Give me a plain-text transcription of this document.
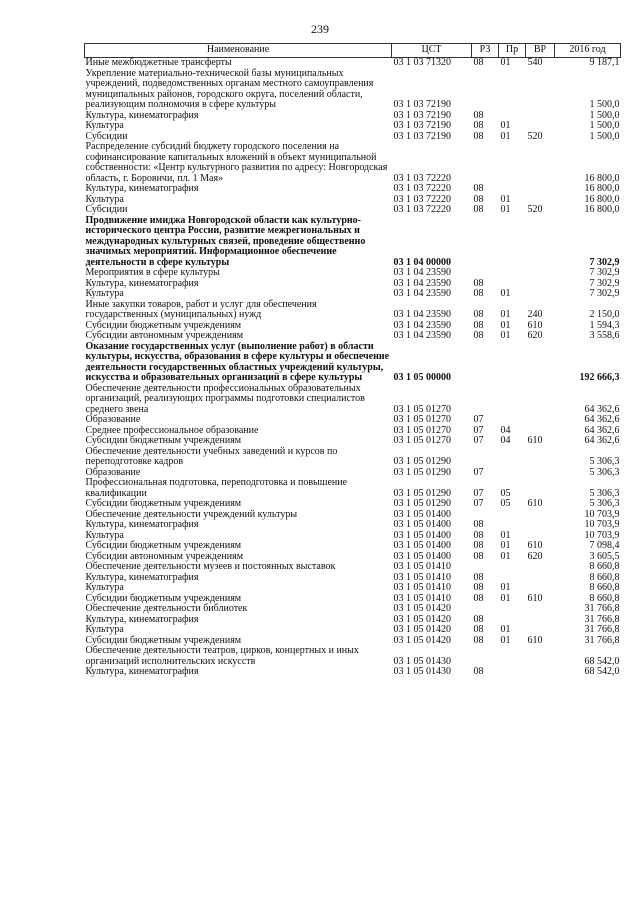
239
Наименование	ЦСТ	РЗ	Пр	ВР	2016 год
Иные межбюджетные трансферты	03 1 03 71320	08	01	540	9 187,1
Укрепление материально-технической базы муниципальных учреждений, подведомственных органам местного самоуправления муниципальных районов, городского округа, поселений области, реализующим полномочия в сфере культуры	03 1 03 72190				1 500,0
Культура, кинематография	03 1 03 72190	08			1 500,0
Культура	03 1 03 72190	08	01		1 500,0
Субсидии	03 1 03 72190	08	01	520	1 500,0
Распределение субсидий бюджету городского поселения на софинансирование капитальных вложений в объект муниципальной собственности: «Центр культурного развития по адресу: Новгородская область, г. Боровичи, пл. 1 Мая»	03 1 03 72220				16 800,0
Культура, кинематография	03 1 03 72220	08			16 800,0
Культура	03 1 03 72220	08	01		16 800,0
Субсидии	03 1 03 72220	08	01	520	16 800,0
Продвижение имиджа Новгородской области как культурно-исторического центра России, развитие межрегиональных и международных культурных связей, проведение общественно значимых мероприятий. Информационное обеспечение деятельности в сфере культуры	03 1 04 00000				7 302,9
Мероприятия в сфере культуры	03 1 04 23590				7 302,9
Культура, кинематография	03 1 04 23590	08			7 302,9
Культура	03 1 04 23590	08	01		7 302,9
Иные закупки товаров, работ и услуг для обеспечения государственных (муниципальных) нужд	03 1 04 23590	08	01	240	2 150,0
Субсидии бюджетным учреждениям	03 1 04 23590	08	01	610	1 594,3
Субсидии автономным учреждениям	03 1 04 23590	08	01	620	3 558,6
Оказание государственных услуг (выполнение работ) в области культуры, искусства, образования в сфере культуры и обеспечение деятельности государственных областных учреждений культуры, искусства и образовательных организаций в сфере культуры	03 1 05 00000				192 666,3
Обеспечение деятельности профессиональных образовательных организаций, реализующих программы подготовки специалистов среднего звена	03 1 05 01270				64 362,6
Образование	03 1 05 01270	07			64 362,6
Среднее профессиональное образование	03 1 05 01270	07	04		64 362,6
Субсидии бюджетным учреждениям	03 1 05 01270	07	04	610	64 362,6
Обеспечение деятельности учебных заведений и курсов по переподготовке кадров	03 1 05 01290				5 306,3
Образование	03 1 05 01290	07			5 306,3
Профессиональная подготовка, переподготовка и повышение квалификации	03 1 05 01290	07	05		5 306,3
Субсидии бюджетным учреждениям	03 1 05 01290	07	05	610	5 306,3
Обеспечение деятельности учреждений культуры	03 1 05 01400				10 703,9
Культура, кинематография	03 1 05 01400	08			10 703,9
Культура	03 1 05 01400	08	01		10 703,9
Субсидии бюджетным учреждениям	03 1 05 01400	08	01	610	7 098,4
Субсидии автономным учреждениям	03 1 05 01400	08	01	620	3 605,5
Обеспечение деятельности музеев и постоянных выставок	03 1 05 01410				8 660,8
Культура, кинематография	03 1 05 01410	08			8 660,8
Культура	03 1 05 01410	08	01		8 660,8
Субсидии бюджетным учреждениям	03 1 05 01410	08	01	610	8 660,8
Обеспечение деятельности библиотек	03 1 05 01420				31 766,8
Культура, кинематография	03 1 05 01420	08			31 766,8
Культура	03 1 05 01420	08	01		31 766,8
Субсидии бюджетным учреждениям	03 1 05 01420	08	01	610	31 766,8
Обеспечение деятельности театров, цирков, концертных и иных организаций исполнительских искусств	03 1 05 01430				68 542,0
Культура, кинематография	03 1 05 01430	08			68 542,0
